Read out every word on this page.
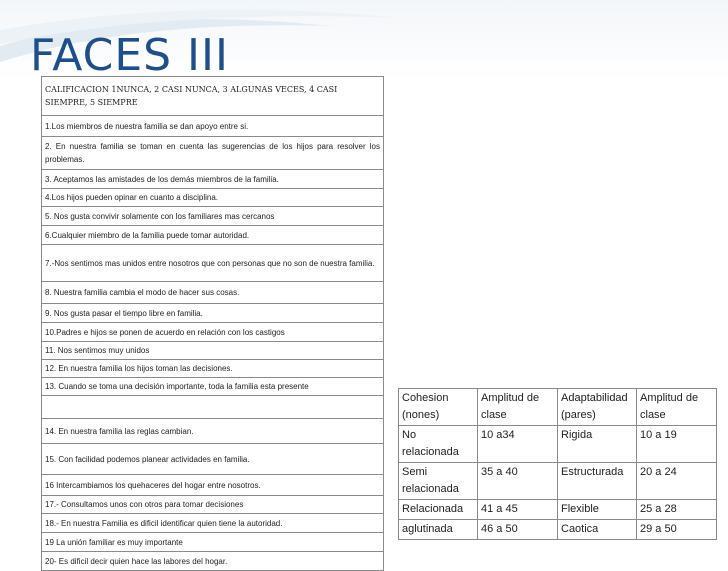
FACES III
CALIFICACION 1NUNCA, 2 CASI NUNCA, 3 ALGUNAS VECES, 4 CASI SIEMPRE, 5 SIEMPRE
1.Los miembros de nuestra familia se dan apoyo entre si.
2. En nuestra familia se toman en cuenta las sugerencias de los hijos para resolver los problemas.
3. Aceptamos las amistades de los demás miembros de la familia.
4.Los hijos pueden opinar en cuanto a disciplina.
5. Nos gusta convivir solamente con los familiares mas cercanos
6.Cualquier miembro de la familia puede tomar autoridad.
7.-Nos sentimos mas unidos entre nosotros que con personas que no son de nuestra familia.
8. Nuestra familia cambia el modo de hacer sus cosas.
9. Nos gusta pasar el tiempo libre en familia.
10.Padres e hijos se ponen de acuerdo en relación con los castigos
11. Nos sentimos muy unidos
12. En nuestra familia los hijos toman las decisiones.
13. Cuando se toma una decisión importante, toda la familia esta presente

14. En nuestra familia las reglas cambian.
15. Con facilidad podemos planear actividades en familia.
16 Intercambiamos los quehaceres del hogar entre nosotros.
17.- Consultamos unos con otros para tomar decisiones
18.- En nuestra Familia es dificil identificar quien tiene la autoridad.
19 La unión familiar es muy importante
20- Es dificil decir quien hace las labores del hogar.
Cohesion (nones)	Amplitud de clase	Adaptabilidad (pares)	Amplitud de clase
No relacionada	10 a34	Rigida	10 a 19
Semi relacionada	35 a 40	Estructurada	20 a 24
Relacionada	41 a 45	Flexible	25 a 28
aglutinada	46 a 50	Caotica	29 a 50
